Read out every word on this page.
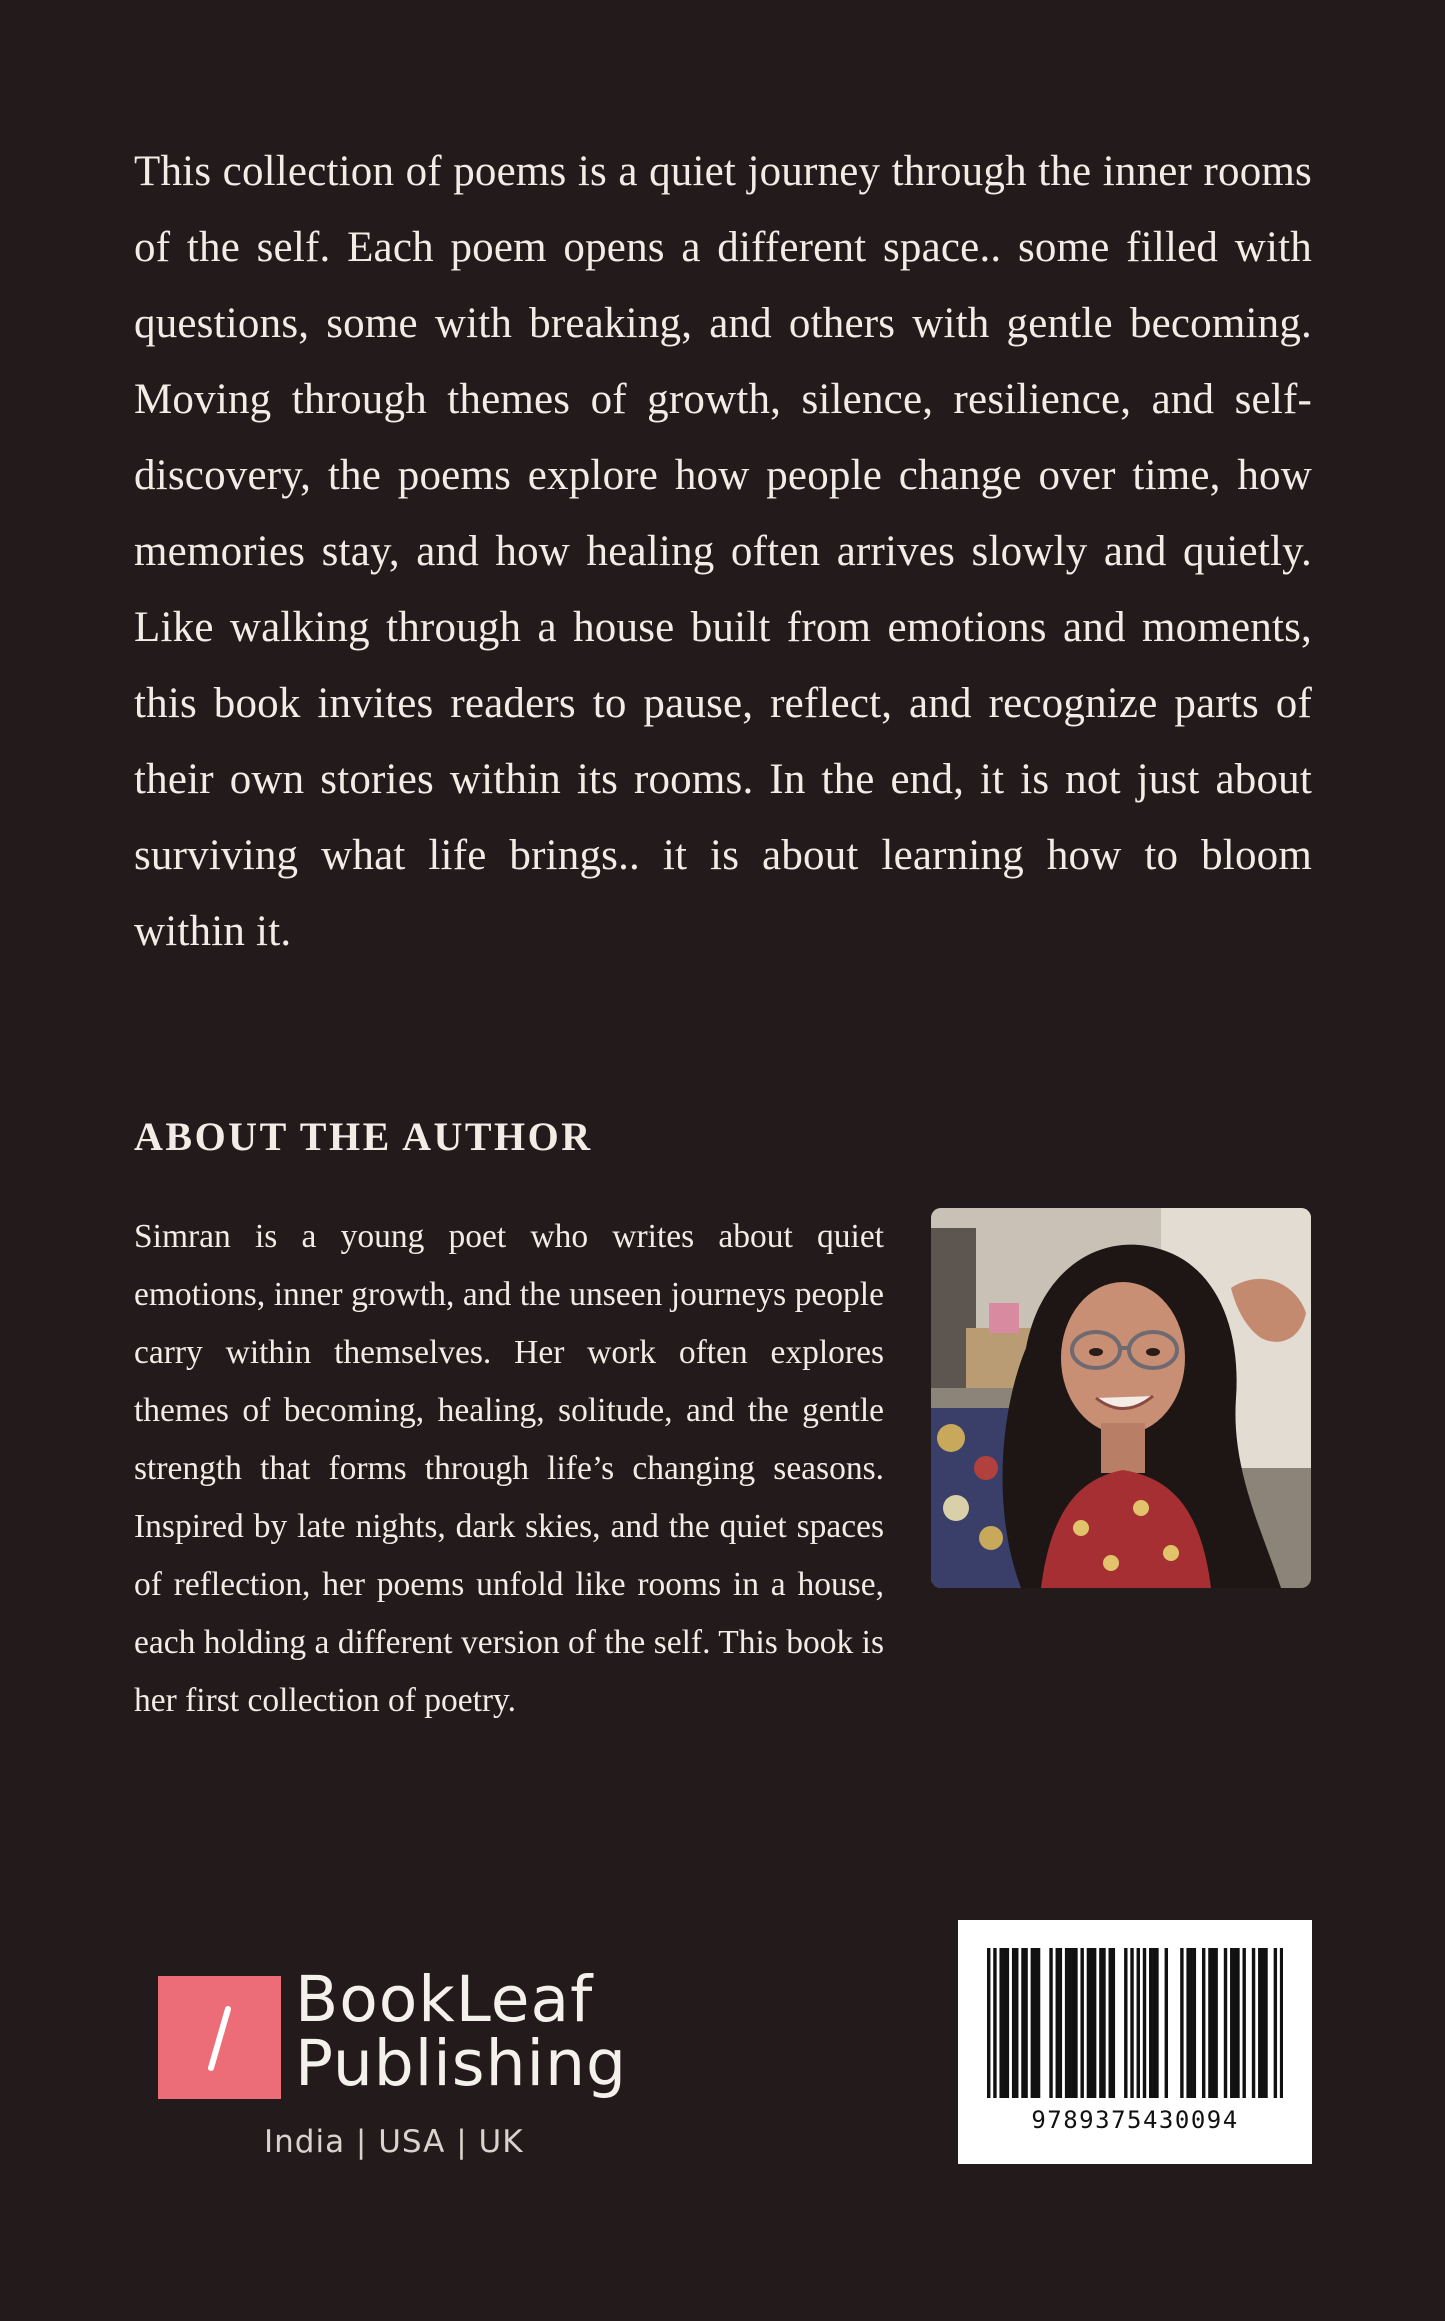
This collection of poems is a quiet journey through the inner rooms of the self. Each poem opens a different space.. some filled with questions, some with breaking, and others with gentle becoming. Moving through themes of growth, silence, resilience, and self-discovery, the poems explore how people change over time, how memories stay, and how healing often arrives slowly and quietly. Like walking through a house built from emotions and moments, this book invites readers to pause, reflect, and recognize parts of their own stories within its rooms. In the end, it is not just about surviving what life brings.. it is about learning how to bloom within it.

ABOUT THE AUTHOR

Simran is a young poet who writes about quiet emotions, inner growth, and the unseen journeys people carry within themselves. Her work often explores themes of becoming, healing, solitude, and the gentle strength that forms through life’s changing seasons. Inspired by late nights, dark skies, and the quiet spaces of reflection, her poems unfold like rooms in a house, each holding a different version of the self. This book is her first collection of poetry.

BookLeaf
Publishing
India | USA | UK
9789375430094
